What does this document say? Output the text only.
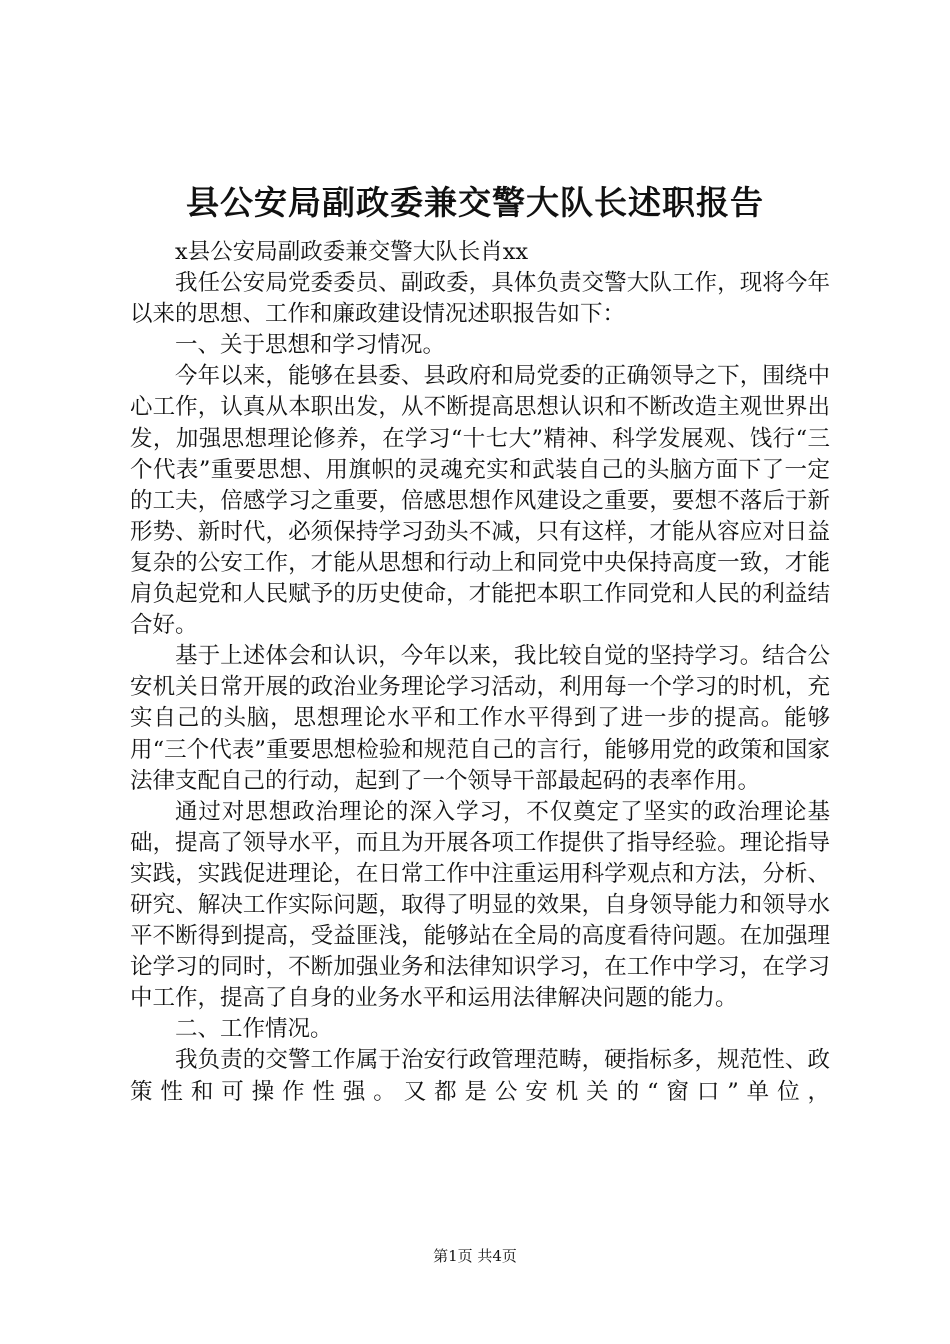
县公安局副政委兼交警大队长述职报告

x县公安局副政委兼交警大队长肖xx

我任公安局党委委员、副政委，具体负责交警大队工作，现将今年以来的思想、工作和廉政建设情况述职报告如下：

一、关于思想和学习情况。

今年以来，能够在县委、县政府和局党委的正确领导之下，围绕中心工作，认真从本职出发，从不断提高思想认识和不断改造主观世界出发，加强思想理论修养，在学习“十七大”精神、科学发展观、饯行“三个代表”重要思想、用旗帜的灵魂充实和武装自己的头脑方面下了一定的工夫，倍感学习之重要，倍感思想作风建设之重要，要想不落后于新形势、新时代，必须保持学习劲头不减，只有这样，才能从容应对日益复杂的公安工作，才能从思想和行动上和同党中央保持高度一致，才能肩负起党和人民赋予的历史使命，才能把本职工作同党和人民的利益结合好。

基于上述体会和认识，今年以来，我比较自觉的坚持学习。结合公安机关日常开展的政治业务理论学习活动，利用每一个学习的时机，充实自己的头脑，思想理论水平和工作水平得到了进一步的提高。能够用“三个代表”重要思想检验和规范自己的言行，能够用党的政策和国家法律支配自己的行动，起到了一个领导干部最起码的表率作用。

通过对思想政治理论的深入学习，不仅奠定了坚实的政治理论基础，提高了领导水平，而且为开展各项工作提供了指导经验。理论指导实践，实践促进理论，在日常工作中注重运用科学观点和方法，分析、研究、解决工作实际问题，取得了明显的效果，自身领导能力和领导水平不断得到提高，受益匪浅，能够站在全局的高度看待问题。在加强理论学习的同时，不断加强业务和法律知识学习，在工作中学习，在学习中工作，提高了自身的业务水平和运用法律解决问题的能力。

二、工作情况。

我负责的交警工作属于治安行政管理范畴，硬指标多，规范性、政策性和可操作性强。又都是公安机关的“窗口”单位，

第1页 共4页
